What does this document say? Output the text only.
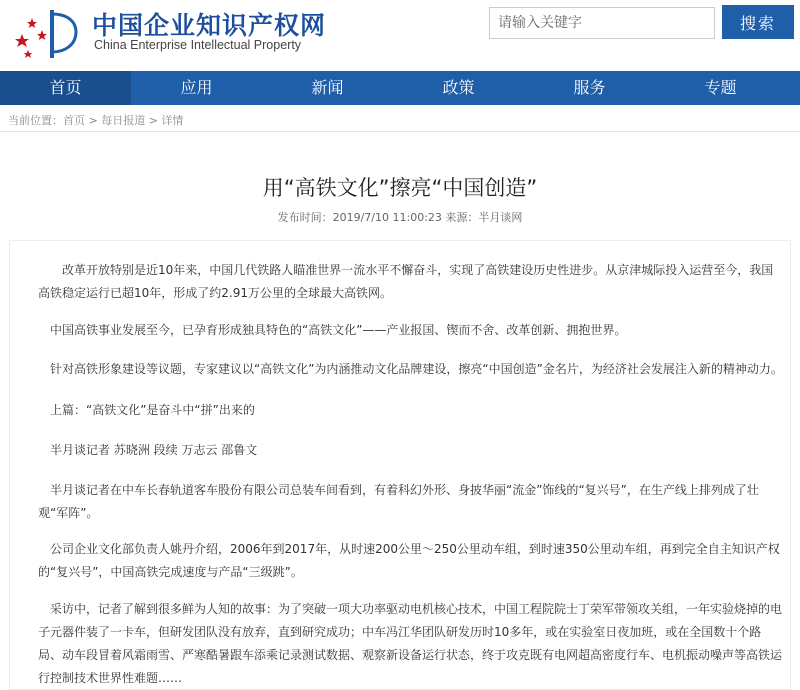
中国企业知识产权网
China Enterprise Intellectual Property
请输入关键字
搜索
首页	应用	新闻	政策	服务	专题
当前位置：首页 > 每日报道 > 详情
用“高铁文化”擦亮“中国创造”
发布时间：2019/7/10 11:00:23 来源：半月谈网
改革开放特别是近10年来，中国几代铁路人瞄准世界一流水平不懈奋斗，实现了高铁建设历史性进步。从京津城际投入运营至今，我国高铁稳定运行已超10年，形成了约2.91万公里的全球最大高铁网。
中国高铁事业发展至今，已孕育形成独具特色的“高铁文化”——产业报国、锲而不舍、改革创新、拥抱世界。
针对高铁形象建设等议题，专家建议以“高铁文化”为内涵推动文化品牌建设，擦亮“中国创造”金名片，为经济社会发展注入新的精神动力。
上篇：“高铁文化”是奋斗中“拼”出来的
半月谈记者 苏晓洲 段续 万志云 邵鲁文
半月谈记者在中车长春轨道客车股份有限公司总装车间看到，有着科幻外形、身披华丽“流金”饰线的“复兴号”，在生产线上排列成了壮观“军阵”。
公司企业文化部负责人姚丹介绍，2006年到2017年，从时速200公里～250公里动车组，到时速350公里动车组，再到完全自主知识产权的“复兴号”，中国高铁完成速度与产品“三级跳”。
采访中，记者了解到很多鲜为人知的故事：为了突破一项大功率驱动电机核心技术，中国工程院院士丁荣军带领攻关组，一年实验烧掉的电子元器件装了一卡车，但研发团队没有放弃，直到研究成功；中车冯江华团队研发历时10多年，或在实验室日夜加班，或在全国数十个路局、动车段冒着风霜雨雪、严寒酷暑跟车添乘记录测试数据、观察新设备运行状态，终于攻克既有电网超高密度行车、电机振动噪声等高铁运行控制技术世界性难题……
